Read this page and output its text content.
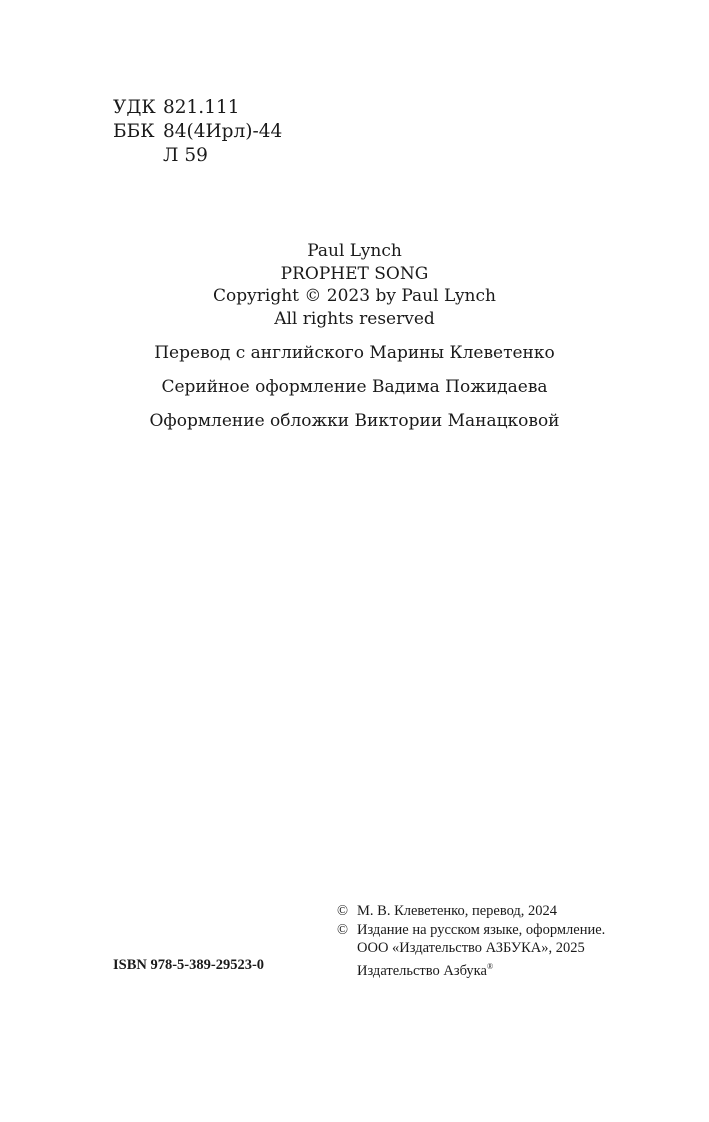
УДК 821.111
ББК 84(4Ирл)-44
Л 59
Paul Lynch
PROPHET SONG
Copyright © 2023 by Paul Lynch
All rights reserved
Перевод с английского Марины Клеветенко
Серийное оформление Вадима Пожидаева
Оформление обложки Виктории Манацковой
ISBN 978-5-389-29523-0
© М. В. Клеветенко, перевод, 2024
© Издание на русском языке, оформление.
ООО «Издательство АЗБУКА», 2025
Издательство Азбука®
